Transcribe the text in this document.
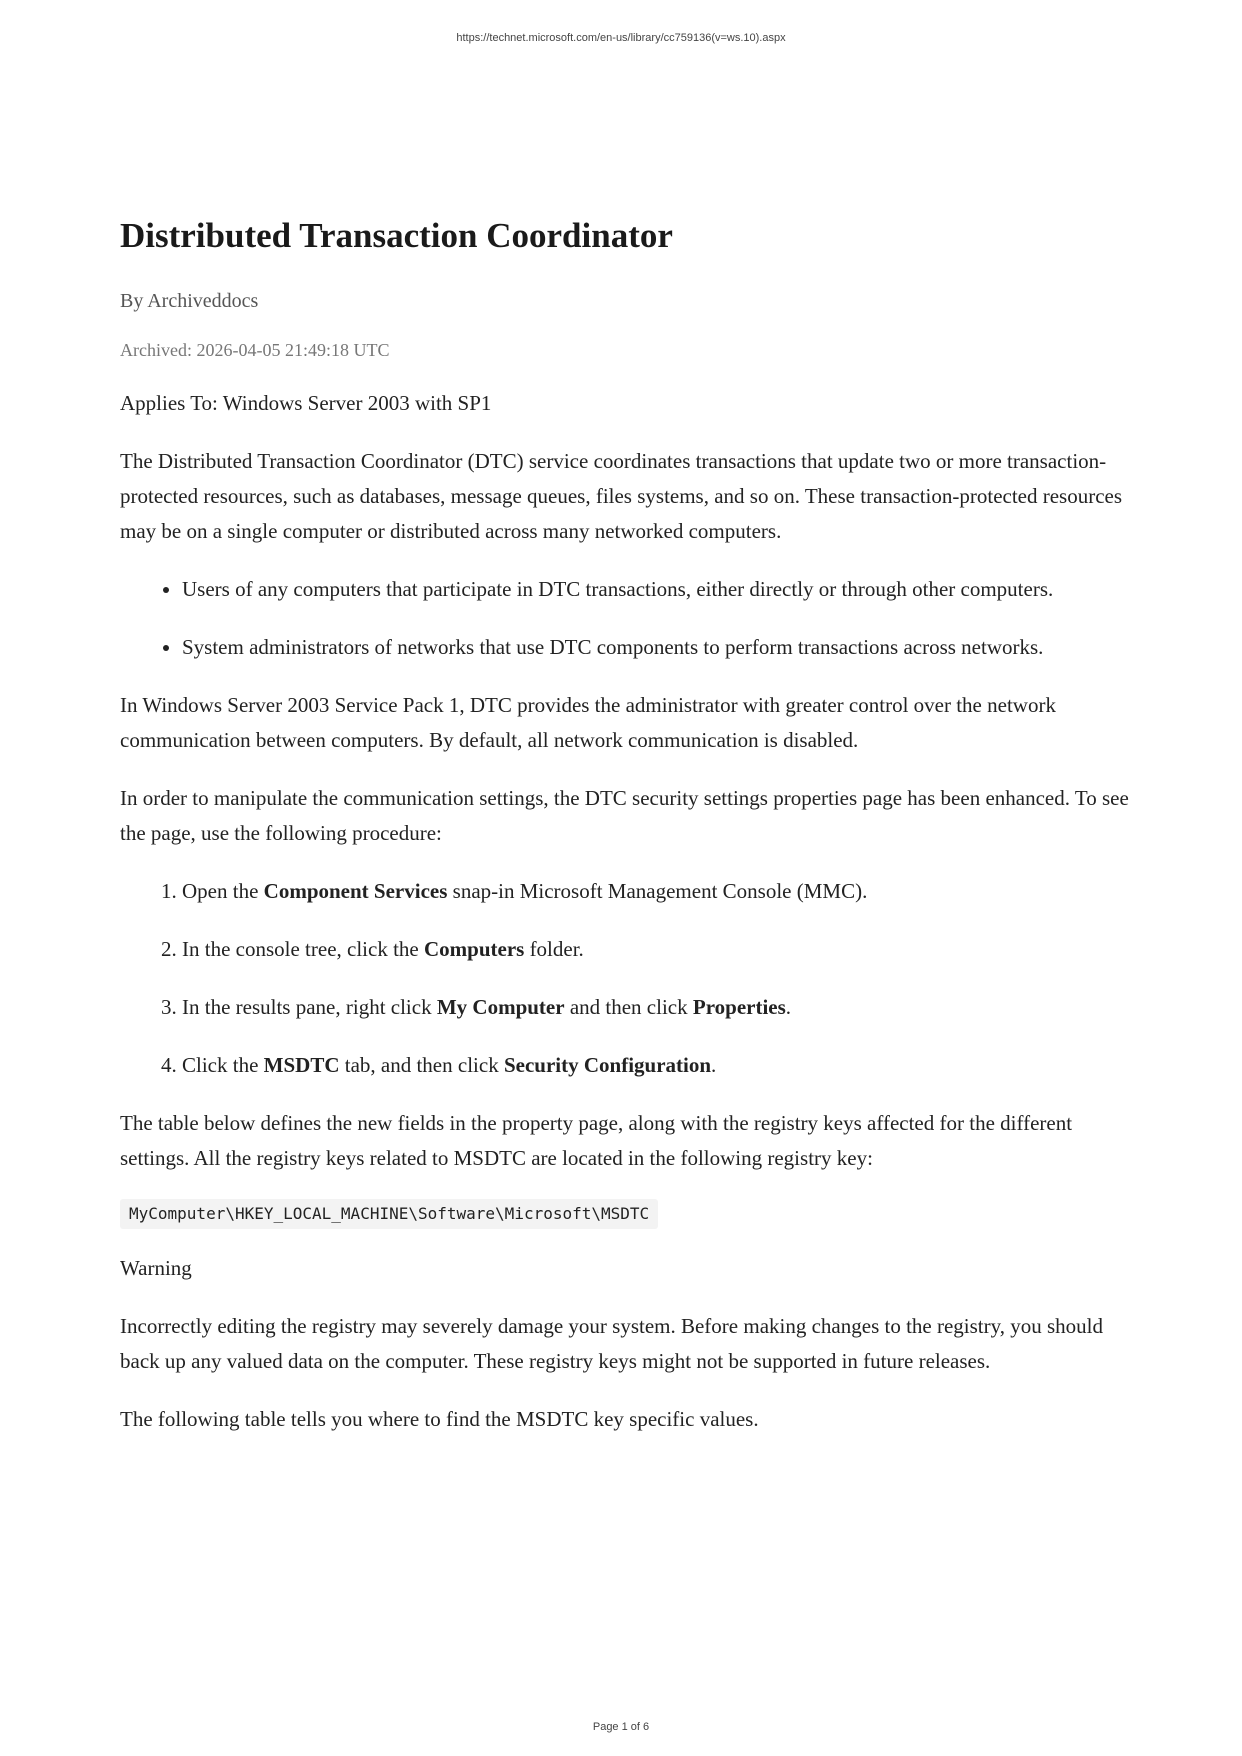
https://technet.microsoft.com/en-us/library/cc759136(v=ws.10).aspx
Distributed Transaction Coordinator
By Archiveddocs
Archived: 2026-04-05 21:49:18 UTC

Applies To: Windows Server 2003 with SP1

The Distributed Transaction Coordinator (DTC) service coordinates transactions that update two or more transaction-protected resources, such as databases, message queues, files systems, and so on. These transaction-protected resources may be on a single computer or distributed across many networked computers.

• Users of any computers that participate in DTC transactions, either directly or through other computers.
• System administrators of networks that use DTC components to perform transactions across networks.

In Windows Server 2003 Service Pack 1, DTC provides the administrator with greater control over the network communication between computers. By default, all network communication is disabled.

In order to manipulate the communication settings, the DTC security settings properties page has been enhanced. To see the page, use the following procedure:

1. Open the Component Services snap-in Microsoft Management Console (MMC).
2. In the console tree, click the Computers folder.
3. In the results pane, right click My Computer and then click Properties.
4. Click the MSDTC tab, and then click Security Configuration.

The table below defines the new fields in the property page, along with the registry keys affected for the different settings. All the registry keys related to MSDTC are located in the following registry key:

MyComputer\HKEY_LOCAL_MACHINE\Software\Microsoft\MSDTC

Warning

Incorrectly editing the registry may severely damage your system. Before making changes to the registry, you should back up any valued data on the computer. These registry keys might not be supported in future releases.

The following table tells you where to find the MSDTC key specific values.

Page 1 of 6
